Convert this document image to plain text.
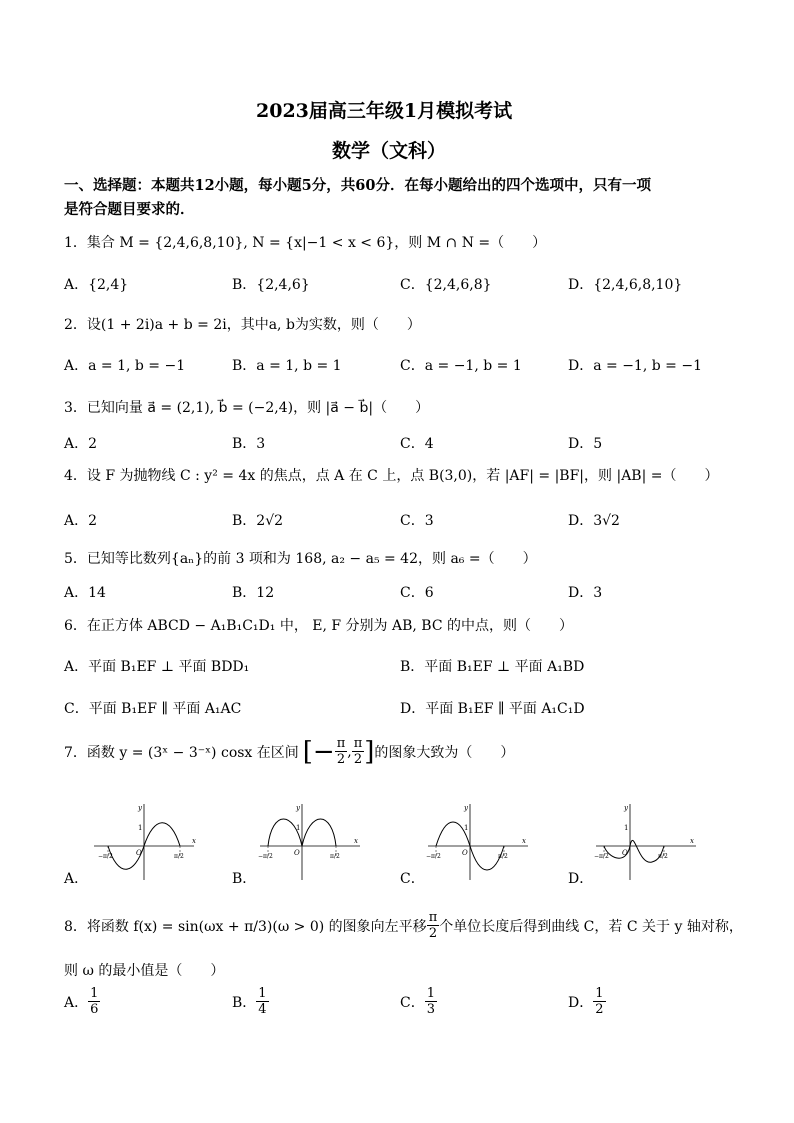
2023届高三年级1月模拟考试
数学（文科）
一、选择题：本题共12小题，每小题5分，共60分．在每小题给出的四个选项中，只有一项
是符合题目要求的．
1．集合 M = {2,4,6,8,10}, N = {x|−1 < x < 6}，则 M ∩ N =（　　）
A．{2,4}	B．{2,4,6}	C．{2,4,6,8}	D．{2,4,6,8,10}
2．设(1 + 2i)a + b = 2i，其中a, b为实数，则（　　）
A．a = 1, b = −1	B．a = 1, b = 1	C．a = −1, b = 1	D．a = −1, b = −1
3．已知向量 a⃗ = (2,1), b⃗ = (−2,4)，则 |a⃗ − b⃗|（　　）
A．2	B．3	C．4	D．5
4．设 F 为抛物线 C : y² = 4x 的焦点，点 A 在 C 上，点 B(3,0)，若 |AF| = |BF|，则 |AB| =（　　）
A．2	B．2√2	C．3	D．3√2
5．已知等比数列{aₙ}的前 3 项和为 168, a₂ − a₅ = 42，则 a₆ =（　　）
A．14	B．12	C．6	D．3
6．在正方体 ABCD − A₁B₁C₁D₁ 中， E, F 分别为 AB, BC 的中点，则（　　）
A．平面 B₁EF ⊥ 平面 BDD₁	B．平面 B₁EF ⊥ 平面 A₁BD
C．平面 B₁EF ∥ 平面 A₁AC	D．平面 B₁EF ∥ 平面 A₁C₁D
7．函数 y = (3ˣ − 3⁻ˣ) cosx 在区间 [− $\frac{\pi}{2}$ , $\frac{\pi}{2}$ ] 的图象大致为（　　）
y
x
O
1
−π/2	π/2
y
x
O
1
−π/2	π/2
y
x
O
1
−π/2	π/2
y
x
O
1
−π/2	π/2
A．	B．	C．	D．
8．将函数 f(x) = sin(ωx + π/3)(ω > 0) 的图象向左平移 $\frac{\pi}{2}$ 个单位长度后得到曲线 C，若 C 关于 y 轴对称，
则 ω 的最小值是（　　）
A． $\frac{1}{6}$	B． $\frac{1}{4}$	C． $\frac{1}{3}$	D． $\frac{1}{2}$
